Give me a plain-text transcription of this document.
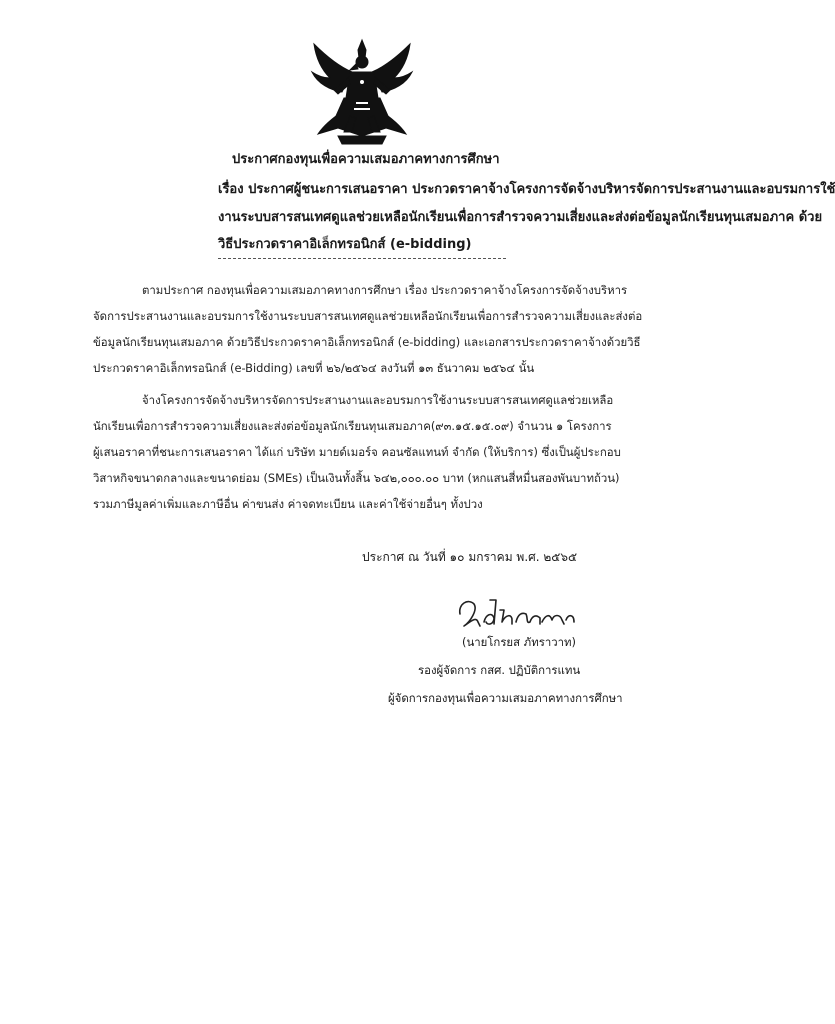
ประกาศกองทุนเพื่อความเสมอภาคทางการศึกษา
เรื่อง ประกาศผู้ชนะการเสนอราคา ประกวดราคาจ้างโครงการจัดจ้างบริหารจัดการประสานงานและอบรมการใช้
งานระบบสารสนเทศดูแลช่วยเหลือนักเรียนเพื่อการสำรวจความเสี่ยงและส่งต่อข้อมูลนักเรียนทุนเสมอภาค ด้วย
วิธีประกวดราคาอิเล็กทรอนิกส์ (e-bidding)
ตามประกาศ กองทุนเพื่อความเสมอภาคทางการศึกษา เรื่อง ประกวดราคาจ้างโครงการจัดจ้างบริหาร
จัดการประสานงานและอบรมการใช้งานระบบสารสนเทศดูแลช่วยเหลือนักเรียนเพื่อการสำรวจความเสี่ยงและส่งต่อ
ข้อมูลนักเรียนทุนเสมอภาค ด้วยวิธีประกวดราคาอิเล็กทรอนิกส์ (e-bidding) และเอกสารประกวดราคาจ้างด้วยวิธี
ประกวดราคาอิเล็กทรอนิกส์ (e-Bidding) เลขที่ ๒๖/๒๕๖๔ ลงวันที่ ๑๓ ธันวาคม ๒๕๖๔ นั้น
จ้างโครงการจัดจ้างบริหารจัดการประสานงานและอบรมการใช้งานระบบสารสนเทศดูแลช่วยเหลือ
นักเรียนเพื่อการสำรวจความเสี่ยงและส่งต่อข้อมูลนักเรียนทุนเสมอภาค(๙๓.๑๕.๑๕.๐๙) จำนวน ๑ โครงการ
ผู้เสนอราคาที่ชนะการเสนอราคา ได้แก่ บริษัท มายด์เมอร์จ คอนซัลแทนท์ จำกัด (ให้บริการ) ซึ่งเป็นผู้ประกอบ
วิสาหกิจขนาดกลางและขนาดย่อม (SMEs) เป็นเงินทั้งสิ้น ๖๔๒,๐๐๐.๐๐ บาท (หกแสนสี่หมื่นสองพันบาทถ้วน)
รวมภาษีมูลค่าเพิ่มและภาษีอื่น ค่าขนส่ง ค่าจดทะเบียน และค่าใช้จ่ายอื่นๆ ทั้งปวง
ประกาศ ณ วันที่ ๑๐ มกราคม พ.ศ. ๒๕๖๕
(นายโกรยส ภัทราวาท)
รองผู้จัดการ กสศ. ปฏิบัติการแทน
ผู้จัดการกองทุนเพื่อความเสมอภาคทางการศึกษา
